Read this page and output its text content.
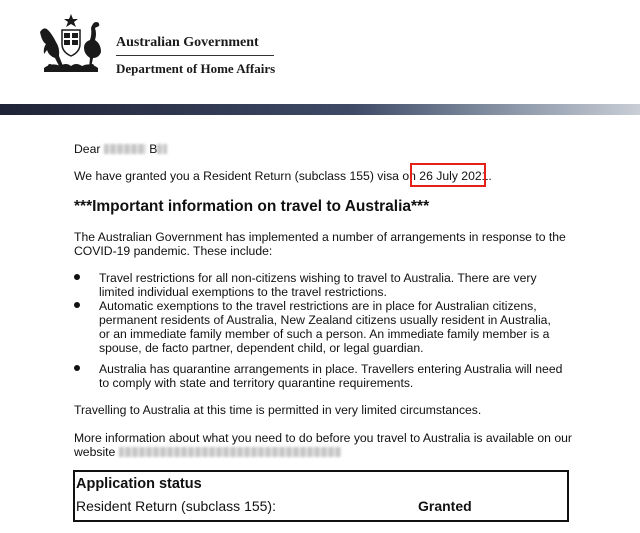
Australian Government
Department of Home Affairs
Dear	B
We have granted you a Resident Return (subclass 155) visa on 26 July 2021.
***Important information on travel to Australia***
The Australian Government has implemented a number of arrangements in response to the
COVID-19 pandemic. These include:
Travel restrictions for all non-citizens wishing to travel to Australia. There are very
limited individual exemptions to the travel restrictions.
Automatic exemptions to the travel restrictions are in place for Australian citizens,
permanent residents of Australia, New Zealand citizens usually resident in Australia,
or an immediate family member of such a person. An immediate family member is a
spouse, de facto partner, dependent child, or legal guardian.
Australia has quarantine arrangements in place. Travellers entering Australia will need
to comply with state and territory quarantine requirements.
Travelling to Australia at this time is permitted in very limited circumstances.
More information about what you need to do before you travel to Australia is available on our
website
Application status
Resident Return (subclass 155):	Granted
